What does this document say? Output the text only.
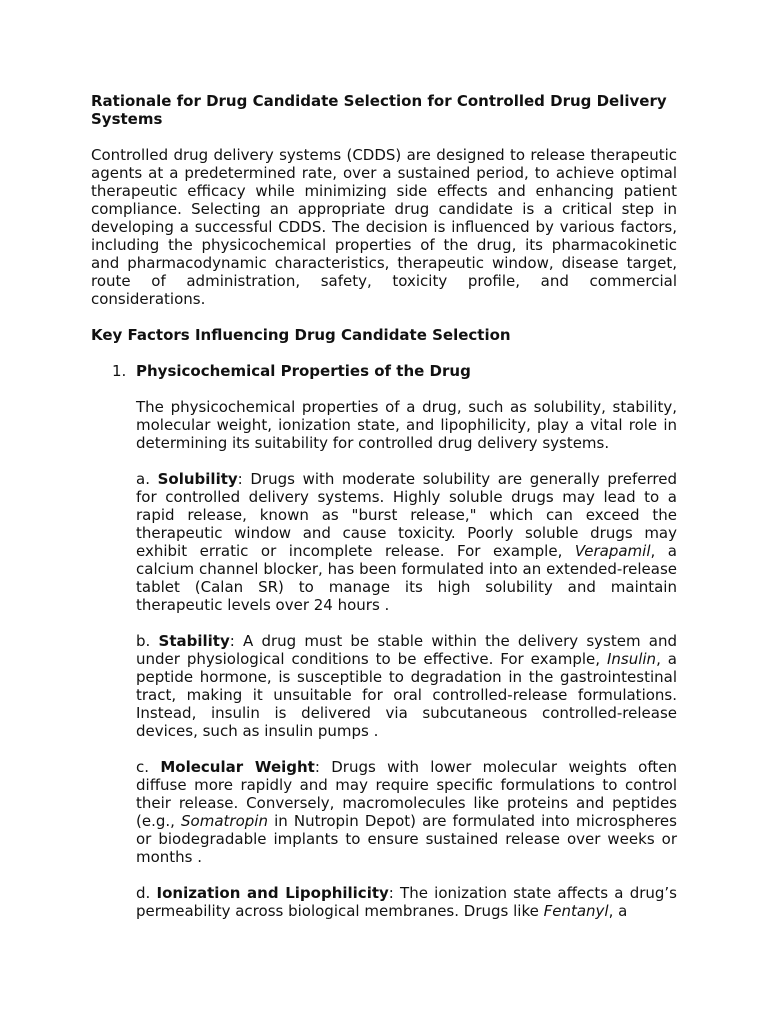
Rationale for Drug Candidate Selection for Controlled Drug Delivery Systems

Controlled drug delivery systems (CDDS) are designed to release therapeutic agents at a predetermined rate, over a sustained period, to achieve optimal therapeutic efficacy while minimizing side effects and enhancing patient compliance. Selecting an appropriate drug candidate is a critical step in developing a successful CDDS. The decision is influenced by various factors, including the physicochemical properties of the drug, its pharmacokinetic and pharmacodynamic characteristics, therapeutic window, disease target, route of administration, safety, toxicity profile, and commercial considerations.

Key Factors Influencing Drug Candidate Selection
1. Physicochemical Properties of the Drug

The physicochemical properties of a drug, such as solubility, stability, molecular weight, ionization state, and lipophilicity, play a vital role in determining its suitability for controlled drug delivery systems.

a. Solubility: Drugs with moderate solubility are generally preferred for controlled delivery systems. Highly soluble drugs may lead to a rapid release, known as "burst release," which can exceed the therapeutic window and cause toxicity. Poorly soluble drugs may exhibit erratic or incomplete release. For example, Verapamil, a calcium channel blocker, has been formulated into an extended-release tablet (Calan SR) to manage its high solubility and maintain therapeutic levels over 24 hours .

b. Stability: A drug must be stable within the delivery system and under physiological conditions to be effective. For example, Insulin, a peptide hormone, is susceptible to degradation in the gastrointestinal tract, making it unsuitable for oral controlled-release formulations. Instead, insulin is delivered via subcutaneous controlled-release devices, such as insulin pumps .

c. Molecular Weight: Drugs with lower molecular weights often diffuse more rapidly and may require specific formulations to control their release. Conversely, macromolecules like proteins and peptides (e.g., Somatropin in Nutropin Depot) are formulated into microspheres or biodegradable implants to ensure sustained release over weeks or months .

d. Ionization and Lipophilicity: The ionization state affects a drug’s permeability across biological membranes. Drugs like Fentanyl, a
